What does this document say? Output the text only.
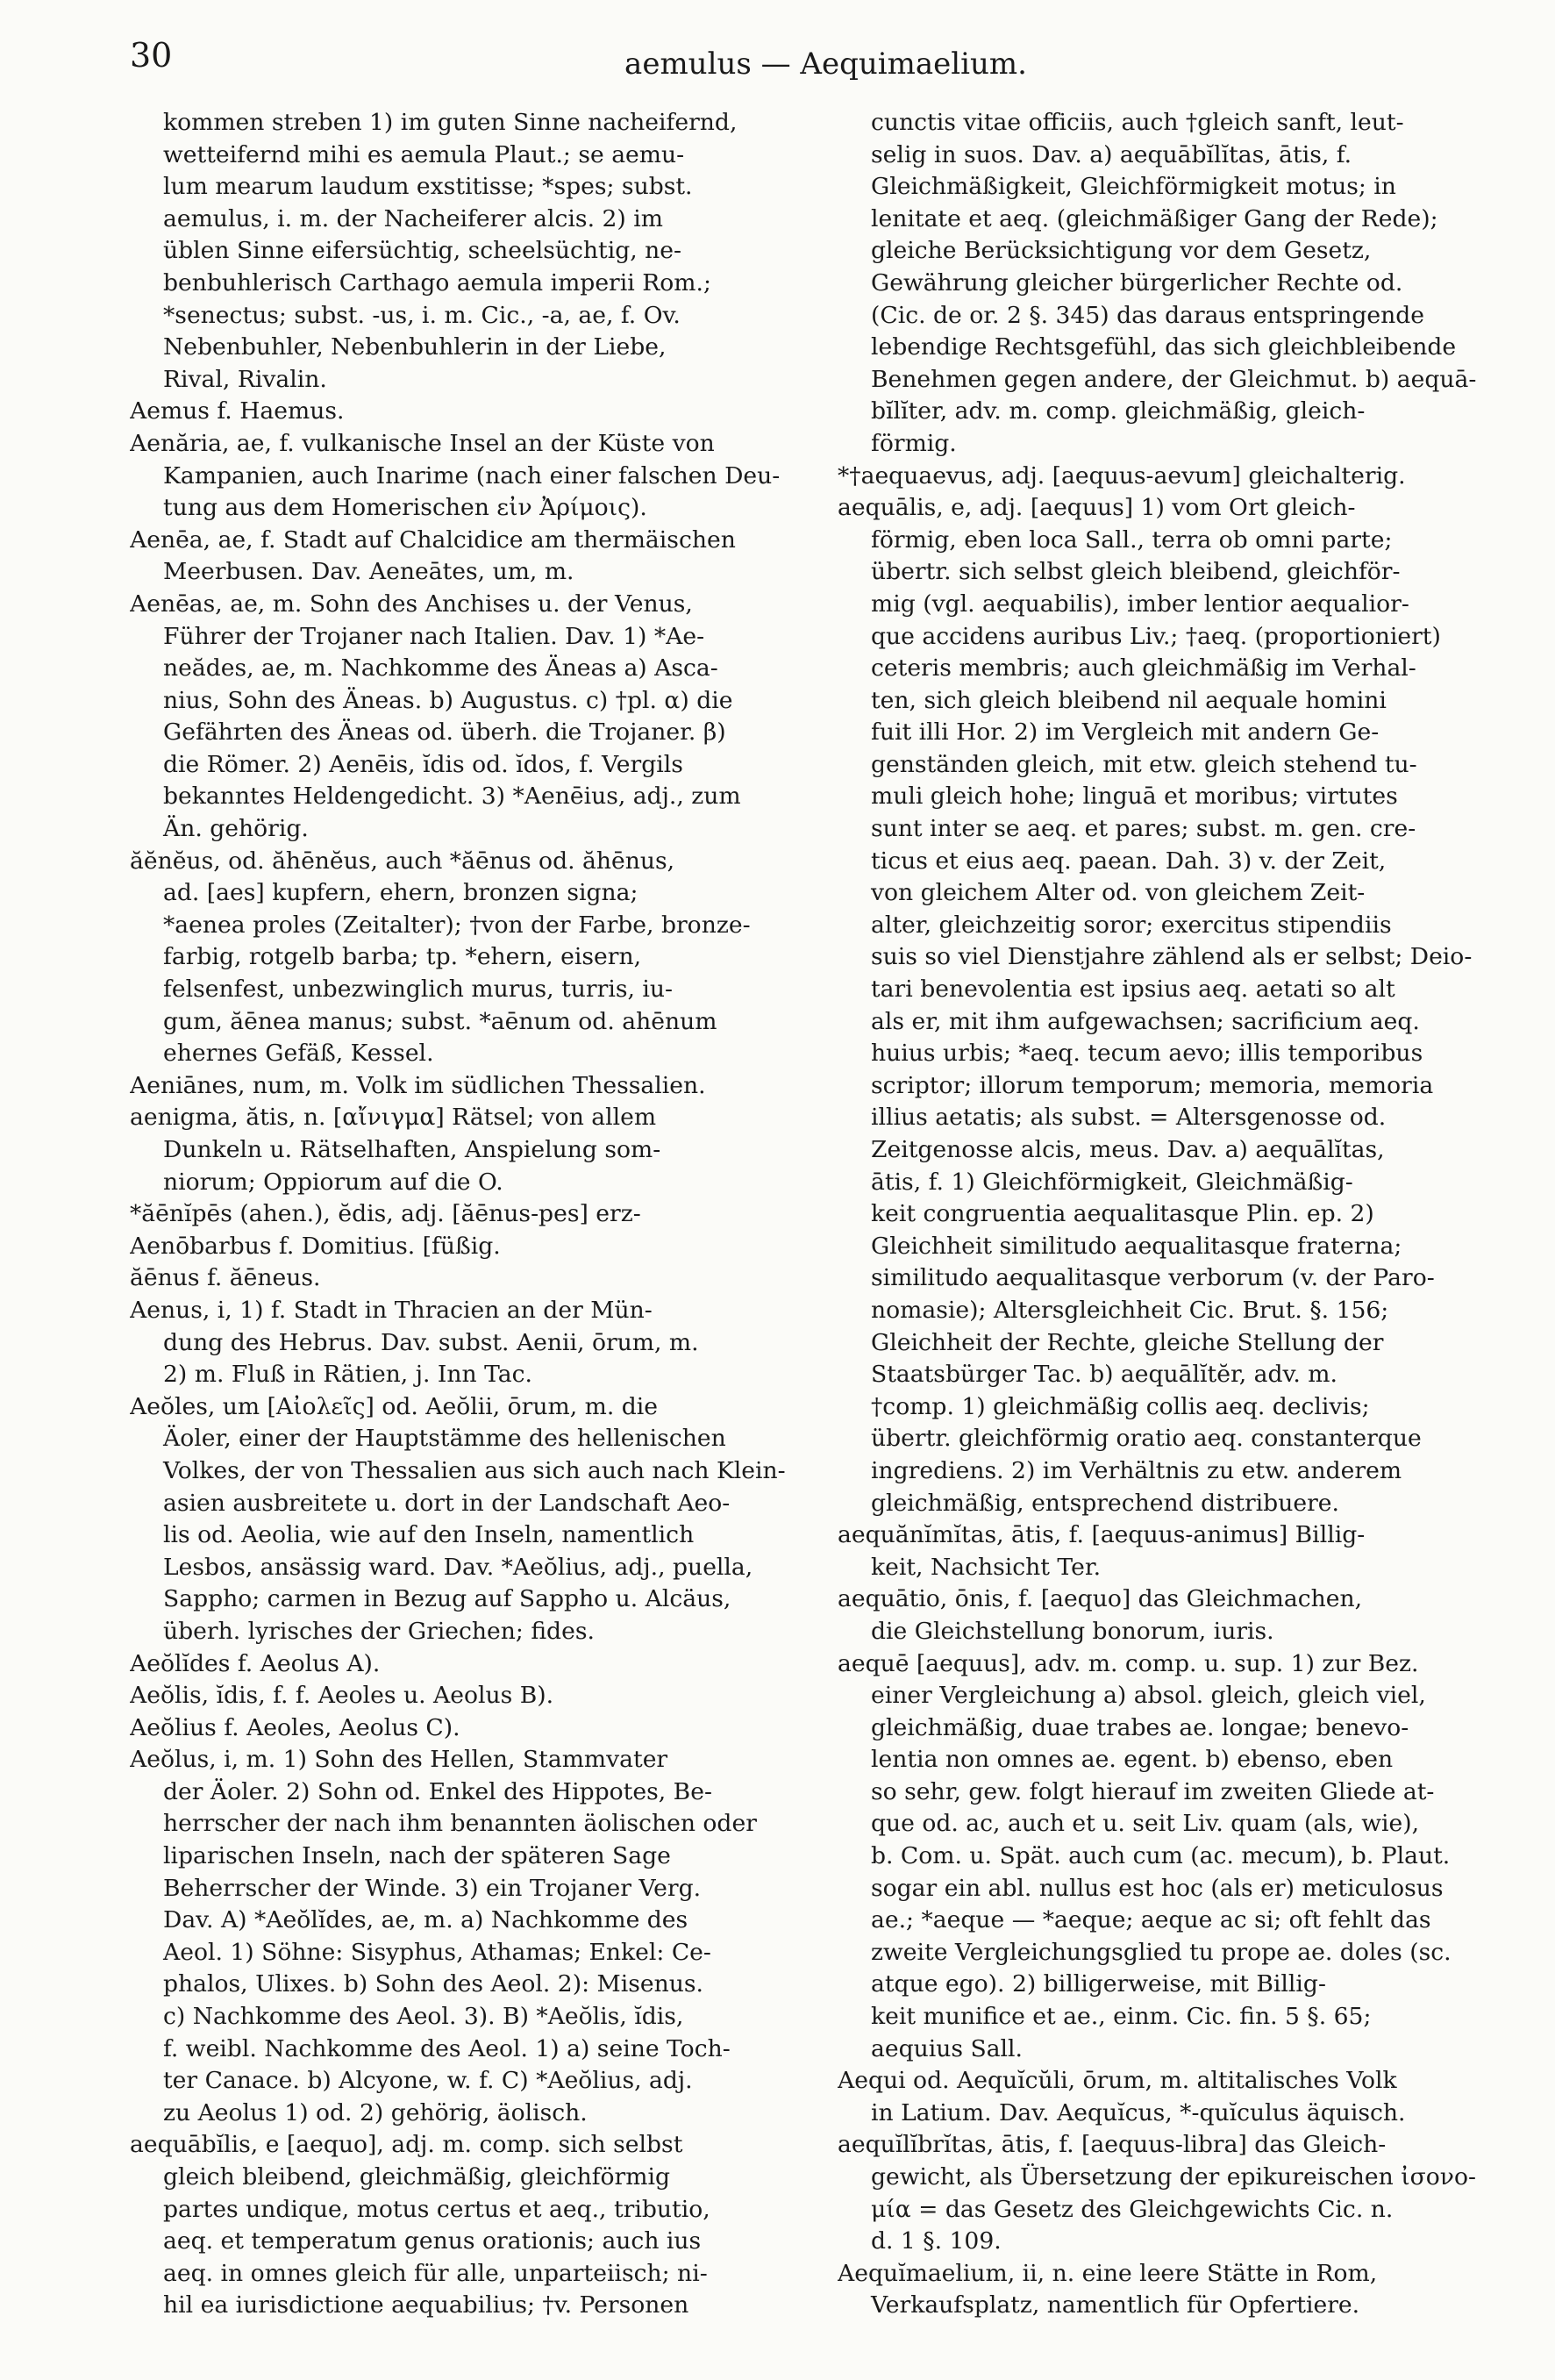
30	aemulus — Aequimaelium.
kommen streben 1) im guten Sinne nacheifernd,
wetteifernd mihi es aemula Plaut.; se aemu-
lum mearum laudum exstitisse; *spes; subst.
aemulus, i. m. der Nacheiferer alcis. 2) im
üblen Sinne eifersüchtig, scheelsüchtig, ne-
benbuhlerisch Carthago aemula imperii Rom.;
*senectus; subst. -us, i. m. Cic., -a, ae, f. Ov.
Nebenbuhler, Nebenbuhlerin in der Liebe,
Rival, Rivalin.
Aemus f. Haemus.
Aenăria, ae, f. vulkanische Insel an der Küste von
Kampanien, auch Inarime (nach einer falschen Deu-
tung aus dem Homerischen εἰν Ἀρίμοις).
Aenēa, ae, f. Stadt auf Chalcidice am thermäischen
Meerbusen. Dav. Aeneātes, um, m.
Aenēas, ae, m. Sohn des Anchises u. der Venus,
Führer der Trojaner nach Italien. Dav. 1) *Ae-
neădes, ae, m. Nachkomme des Äneas a) Asca-
nius, Sohn des Äneas. b) Augustus. c) †pl. α) die
Gefährten des Äneas od. überh. die Trojaner. β)
die Römer. 2) Aenēis, ĭdis od. ĭdos, f. Vergils
bekanntes Heldengedicht. 3) *Aenēius, adj., zum
Än. gehörig.
ăĕnĕus, od. ăhēnĕus, auch *ăēnus od. ăhēnus,
ad. [aes] kupfern, ehern, bronzen signa;
*aenea proles (Zeitalter); †von der Farbe, bronze-
farbig, rotgelb barba; tp. *ehern, eisern,
felsenfest, unbezwinglich murus, turris, iu-
gum, ăēnea manus; subst. *aēnum od. ahēnum
ehernes Gefäß, Kessel.
Aeniānes, num, m. Volk im südlichen Thessalien.
aenigma, ătis, n. [αἴνιγμα] Rätsel; von allem
Dunkeln u. Rätselhaften, Anspielung som-
niorum; Oppiorum auf die O.
*ăēnĭpēs (ahen.), ĕdis, adj. [ăēnus-pes] erz-
Aenōbarbus f. Domitius. [füßig.
ăēnus f. ăēneus.
Aenus, i, 1) f. Stadt in Thracien an der Mün-
dung des Hebrus. Dav. subst. Aenii, ōrum, m.
2) m. Fluß in Rätien, j. Inn Tac.
Aeŏles, um [Αἰολεῖς] od. Aeŏlii, ōrum, m. die
Äoler, einer der Hauptstämme des hellenischen
Volkes, der von Thessalien aus sich auch nach Klein-
asien ausbreitete u. dort in der Landschaft Aeo-
lis od. Aeolia, wie auf den Inseln, namentlich
Lesbos, ansässig ward. Dav. *Aeŏlius, adj., puella,
Sappho; carmen in Bezug auf Sappho u. Alcäus,
überh. lyrisches der Griechen; fides.
Aeŏlĭdes f. Aeolus A).
Aeŏlis, ĭdis, f. f. Aeoles u. Aeolus B).
Aeŏlius f. Aeoles, Aeolus C).
Aeŏlus, i, m. 1) Sohn des Hellen, Stammvater
der Äoler. 2) Sohn od. Enkel des Hippotes, Be-
herrscher der nach ihm benannten äolischen oder
liparischen Inseln, nach der späteren Sage
Beherrscher der Winde. 3) ein Trojaner Verg.
Dav. A) *Aeŏlĭdes, ae, m. a) Nachkomme des
Aeol. 1) Söhne: Sisyphus, Athamas; Enkel: Ce-
phalos, Ulixes. b) Sohn des Aeol. 2): Misenus.
c) Nachkomme des Aeol. 3). B) *Aeŏlis, ĭdis,
f. weibl. Nachkomme des Aeol. 1) a) seine Toch-
ter Canace. b) Alcyone, w. f. C) *Aeŏlius, adj.
zu Aeolus 1) od. 2) gehörig, äolisch.
aequābĭlis, e [aequo], adj. m. comp. sich selbst
gleich bleibend, gleichmäßig, gleichförmig
partes undique, motus certus et aeq., tributio,
aeq. et temperatum genus orationis; auch ius
aeq. in omnes gleich für alle, unparteiisch; ni-
hil ea iurisdictione aequabilius; †v. Personen
cunctis vitae officiis, auch †gleich sanft, leut-
selig in suos. Dav. a) aequābĭlĭtas, ātis, f.
Gleichmäßigkeit, Gleichförmigkeit motus; in
lenitate et aeq. (gleichmäßiger Gang der Rede);
gleiche Berücksichtigung vor dem Gesetz,
Gewährung gleicher bürgerlicher Rechte od.
(Cic. de or. 2 §. 345) das daraus entspringende
lebendige Rechtsgefühl, das sich gleichbleibende
Benehmen gegen andere, der Gleichmut. b) aequā-
bĭlĭter, adv. m. comp. gleichmäßig, gleich-
förmig.
*†aequaevus, adj. [aequus-aevum] gleichalterig.
aequālis, e, adj. [aequus] 1) vom Ort gleich-
förmig, eben loca Sall., terra ob omni parte;
übertr. sich selbst gleich bleibend, gleichför-
mig (vgl. aequabilis), imber lentior aequalior-
que accidens auribus Liv.; †aeq. (proportioniert)
ceteris membris; auch gleichmäßig im Verhal-
ten, sich gleich bleibend nil aequale homini
fuit illi Hor. 2) im Vergleich mit andern Ge-
genständen gleich, mit etw. gleich stehend tu-
muli gleich hohe; linguā et moribus; virtutes
sunt inter se aeq. et pares; subst. m. gen. cre-
ticus et eius aeq. paean. Dah. 3) v. der Zeit,
von gleichem Alter od. von gleichem Zeit-
alter, gleichzeitig soror; exercitus stipendiis
suis so viel Dienstjahre zählend als er selbst; Deio-
tari benevolentia est ipsius aeq. aetati so alt
als er, mit ihm aufgewachsen; sacrificium aeq.
huius urbis; *aeq. tecum aevo; illis temporibus
scriptor; illorum temporum; memoria, memoria
illius aetatis; als subst. = Altersgenosse od.
Zeitgenosse alcis, meus. Dav. a) aequālĭtas,
ātis, f. 1) Gleichförmigkeit, Gleichmäßig-
keit congruentia aequalitasque Plin. ep. 2)
Gleichheit similitudo aequalitasque fraterna;
similitudo aequalitasque verborum (v. der Paro-
nomasie); Altersgleichheit Cic. Brut. §. 156;
Gleichheit der Rechte, gleiche Stellung der
Staatsbürger Tac. b) aequālĭtĕr, adv. m.
†comp. 1) gleichmäßig collis aeq. declivis;
übertr. gleichförmig oratio aeq. constanterque
ingrediens. 2) im Verhältnis zu etw. anderem
gleichmäßig, entsprechend distribuere.
aequănĭmĭtas, ātis, f. [aequus-animus] Billig-
keit, Nachsicht Ter.
aequātio, ōnis, f. [aequo] das Gleichmachen,
die Gleichstellung bonorum, iuris.
aequē [aequus], adv. m. comp. u. sup. 1) zur Bez.
einer Vergleichung a) absol. gleich, gleich viel,
gleichmäßig, duae trabes ae. longae; benevo-
lentia non omnes ae. egent. b) ebenso, eben
so sehr, gew. folgt hierauf im zweiten Gliede at-
que od. ac, auch et u. seit Liv. quam (als, wie),
b. Com. u. Spät. auch cum (ac. mecum), b. Plaut.
sogar ein abl. nullus est hoc (als er) meticulosus
ae.; *aeque — *aeque; aeque ac si; oft fehlt das
zweite Vergleichungsglied tu prope ae. doles (sc.
atque ego). 2) billigerweise, mit Billig-
keit munifice et ae., einm. Cic. fin. 5 §. 65;
aequius Sall.
Aequi od. Aequĭcŭli, ōrum, m. altitalisches Volk
in Latium. Dav. Aequĭcus, *-quĭculus äquisch.
aequĭlĭbrĭtas, ātis, f. [aequus-libra] das Gleich-
gewicht, als Übersetzung der epikureischen ἰσονο-
μία = das Gesetz des Gleichgewichts Cic. n.
d. 1 §. 109.
Aequĭmaelium, ii, n. eine leere Stätte in Rom,
Verkaufsplatz, namentlich für Opfertiere.
